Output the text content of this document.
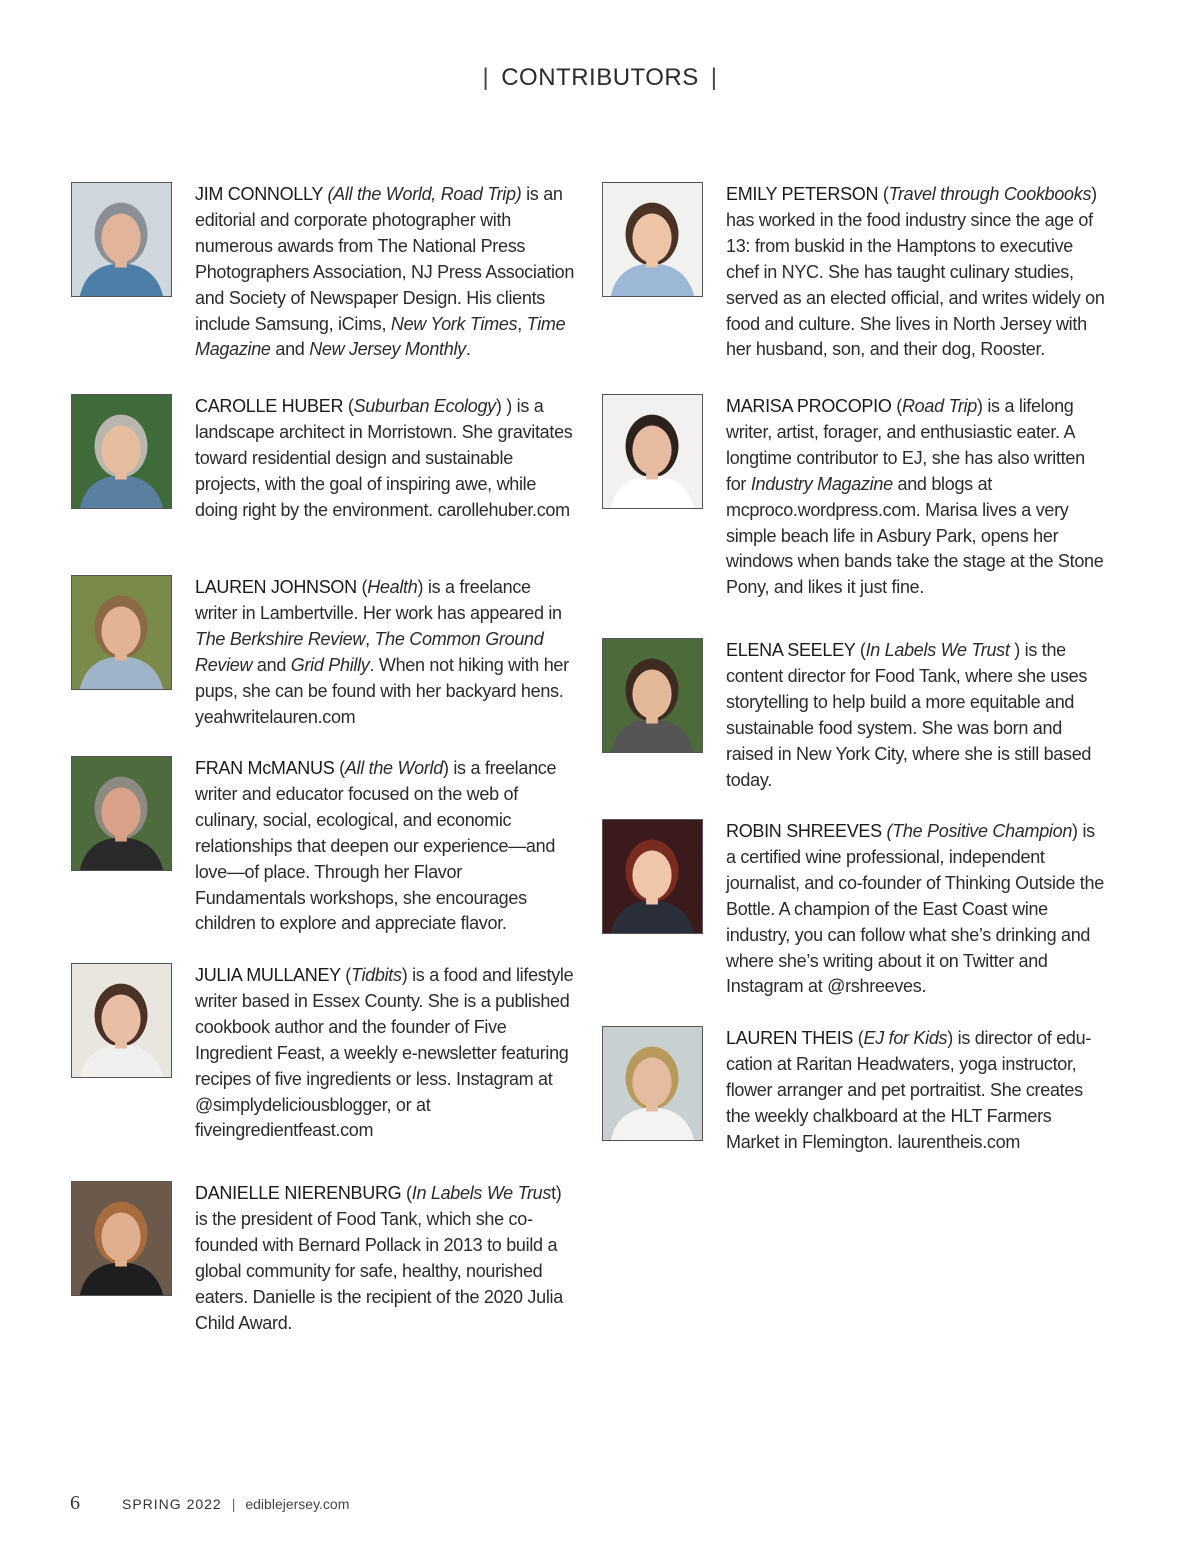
| CONTRIBUTORS |
JIM CONNOLLY (All the World, Road Trip) is an editorial and corporate photographer with numerous awards from The National Press Photographers Association, NJ Press Association and Society of Newspaper Design. His clients include Samsung, iCims, New York Times, Time Magazine and New Jersey Monthly.
CAROLLE HUBER (Suburban Ecology) ) is a landscape architect in Morristown. She gravitates toward residential design and sustainable projects, with the goal of inspiring awe, while doing right by the environment. carollehuber.com
LAUREN JOHNSON (Health) is a freelance writer in Lambertville. Her work has appeared in The Berkshire Review, The Common Ground Review and Grid Philly. When not hiking with her pups, she can be found with her backyard hens. yeahwritelauren.com
FRAN McMANUS (All the World) is a freelance writer and educator focused on the web of culinary, social, ecological, and economic relationships that deepen our experience—and love—of place. Through her Flavor Fundamentals workshops, she encourages children to explore and appreciate flavor.
JULIA MULLANEY (Tidbits) is a food and lifestyle writer based in Essex County. She is a published cookbook author and the founder of Five Ingredient Feast, a weekly e-newsletter featuring recipes of five ingredients or less. Instagram at @simplydeliciousblogger, or at fiveingredientfeast.com
DANIELLE NIERENBURG (In Labels We Trust) is the president of Food Tank, which she co-founded with Bernard Pollack in 2013 to build a global community for safe, healthy, nourished eaters. Danielle is the recipient of the 2020 Julia Child Award.
EMILY PETERSON (Travel through Cookbooks) has worked in the food industry since the age of 13: from buskid in the Hamptons to executive chef in NYC. She has taught culinary studies, served as an elected official, and writes widely on food and culture. She lives in North Jersey with her husband, son, and their dog, Rooster.
MARISA PROCOPIO (Road Trip) is a lifelong writer, artist, forager, and enthusiastic eater. A longtime contributor to EJ, she has also written for Industry Magazine and blogs at mcproco.wordpress.com. Marisa lives a very simple beach life in Asbury Park, opens her windows when bands take the stage at the Stone Pony, and likes it just fine.
ELENA SEELEY (In Labels We Trust ) is the content director for Food Tank, where she uses storytelling to help build a more equitable and sustainable food system. She was born and raised in New York City, where she is still based today.
ROBIN SHREEVES (The Positive Champion) is a certified wine professional, independent journalist, and co-founder of Thinking Outside the Bottle. A champion of the East Coast wine industry, you can follow what she’s drinking and where she’s writing about it on Twitter and Instagram at @rshreeves.
LAUREN THEIS (EJ for Kids) is director of edu-cation at Raritan Headwaters, yoga instructor, flower arranger and pet portraitist. She creates the weekly chalkboard at the HLT Farmers Market in Flemington. laurentheis.com
6	SPRING 2022 | ediblejersey.com
